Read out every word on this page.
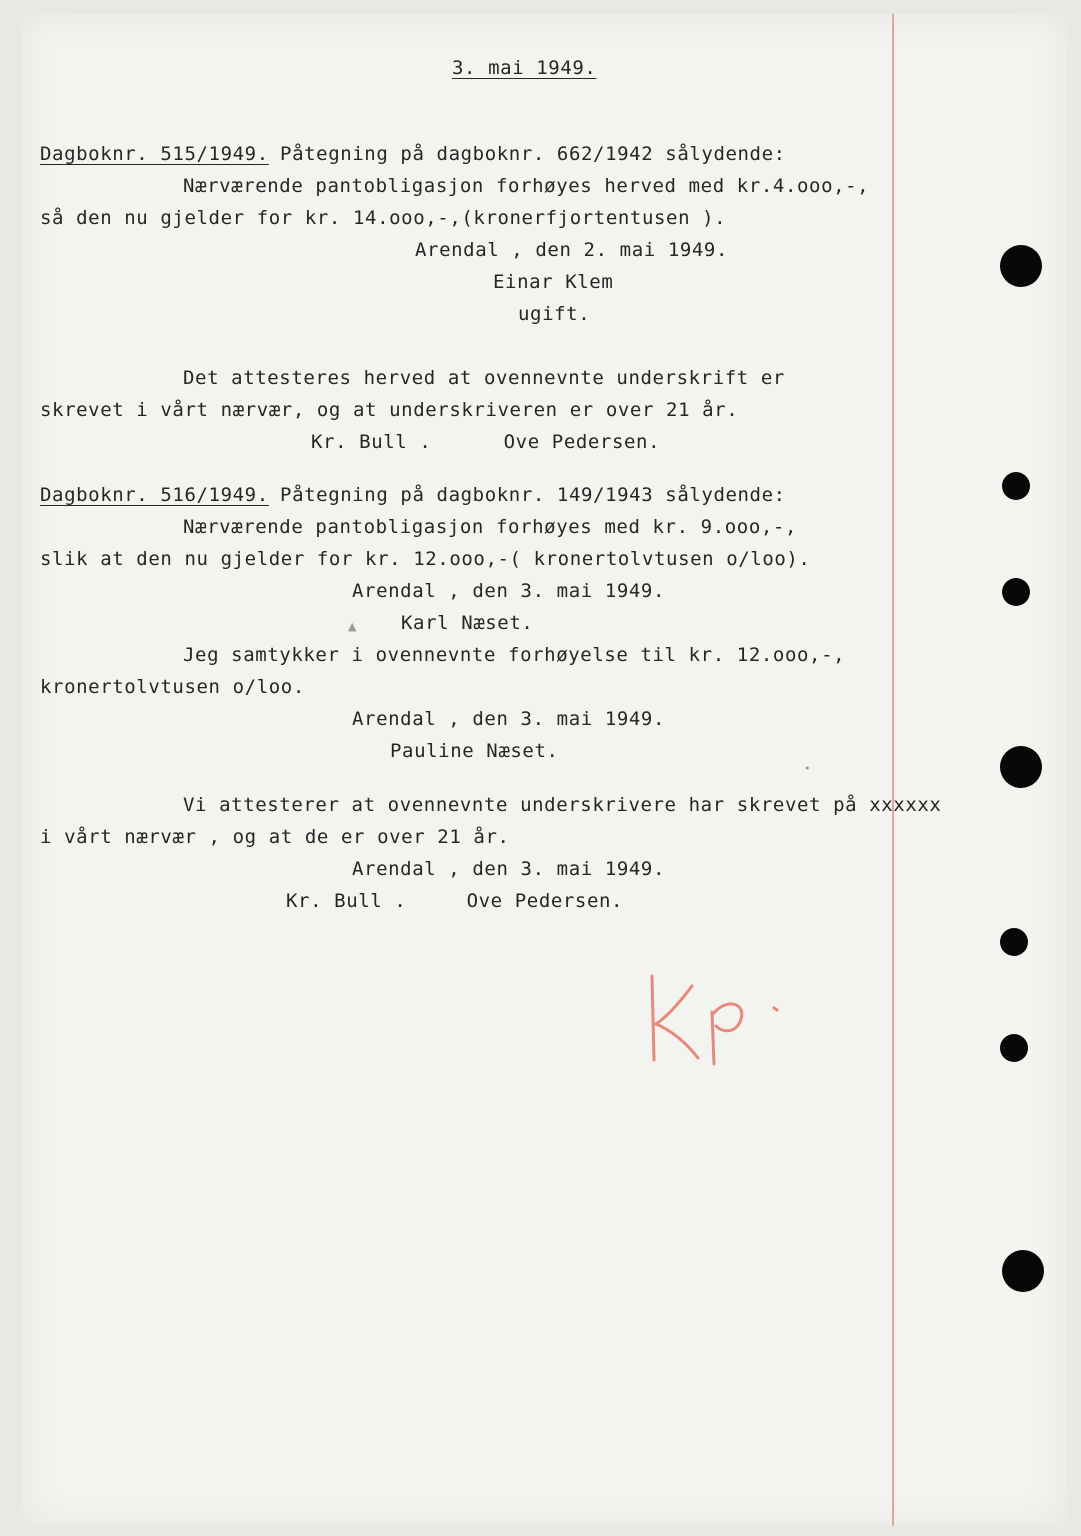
3. mai 1949.
Dagboknr. 515/1949. Påtegning på dagboknr. 662/1942 sålydende:
Nærværende pantobligasjon forhøyes herved med kr.4.ooo,-,
så den nu gjelder for kr. 14.ooo,-,(kronerfjortentusen ).
Arendal , den 2. mai 1949.
Einar Klem
ugift.
Det attesteres herved at ovennevnte underskrift er
skrevet i vårt nærvær, og at underskriveren er over 21 år.
Kr. Bull .      Ove Pedersen.
Dagboknr. 516/1949. Påtegning på dagboknr. 149/1943 sålydende:
Nærværende pantobligasjon forhøyes med kr. 9.ooo,-,
slik at den nu gjelder for kr. 12.ooo,-( kronertolvtusen o/loo).
Arendal , den 3. mai 1949.
Karl Næset.
Jeg samtykker i ovennevnte forhøyelse til kr. 12.ooo,-,
kronertolvtusen o/loo.
Arendal , den 3. mai 1949.
Pauline Næset.
Vi attesterer at ovennevnte underskrivere har skrevet på xxxxxx
i vårt nærvær , og at de er over 21 år.
Arendal , den 3. mai 1949.
Kr. Bull .     Ove Pedersen.
▲
•
